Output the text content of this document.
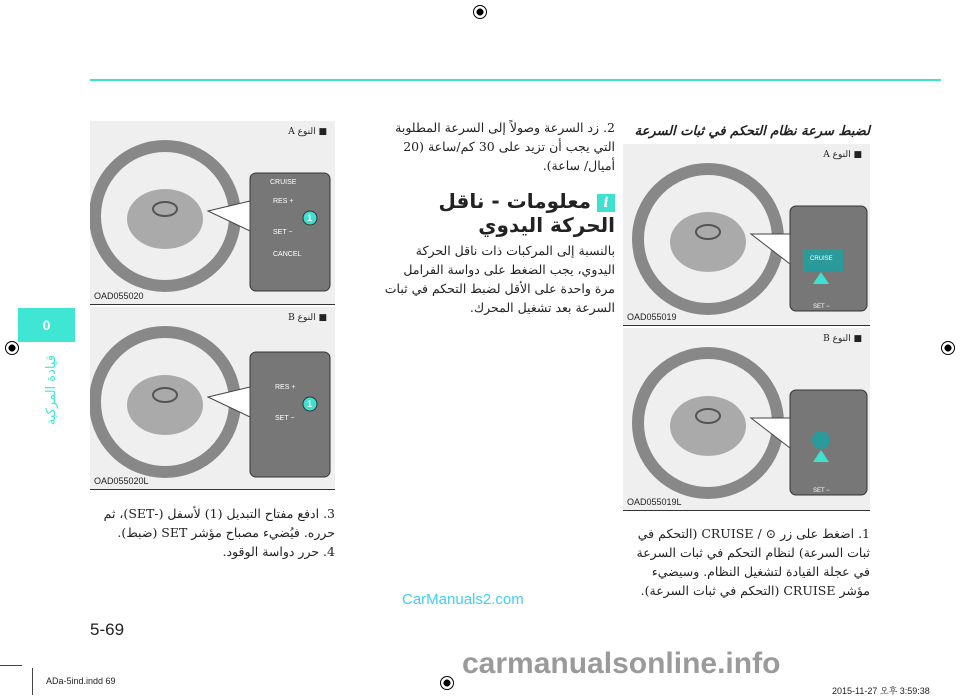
0
قيادة المركبة
CRUISE
RES +
1
SET −
CANCEL
■ النوع A
OAD055020
RES +
1
SET −
■ النوع B
OAD055020L
3. ادفع مفتاح التبديل (1) لأسفل (-SET)، ثم حرره. فيُضيء مصباح مؤشر SET (ضبط).
4. حرر دواسة الوقود.
2. زد السرعة وصولاً إلى السرعة المطلوبة التي يجب أن تزيد على 30 كم/ساعة (20 أميال/ ساعة).
iمعلومات - ناقل الحركة اليدوي
بالنسبة إلى المركبات ذات ناقل الحركة اليدوي، يجب الضغط على دواسة الفرامل مرة واحدة على الأقل لضبط التحكم في ثبات السرعة بعد تشغيل المحرك.
لضبط سرعة نظام التحكم في ثبات السرعة
CRUISE
SET −
■ النوع A
OAD055019
SET −
■ النوع B
OAD055019L
1. اضغط على زر ⊙ / CRUISE (التحكم في ثبات السرعة) لنظام التحكم في ثبات السرعة في عجلة القيادة لتشغيل النظام. وسيضيء مؤشر CRUISE (التحكم في ثبات السرعة).
CarManuals2.com
5-69
ADa-5ind.indd 69
carmanualsonline.info
2015-11-27 오후 3:59:38
